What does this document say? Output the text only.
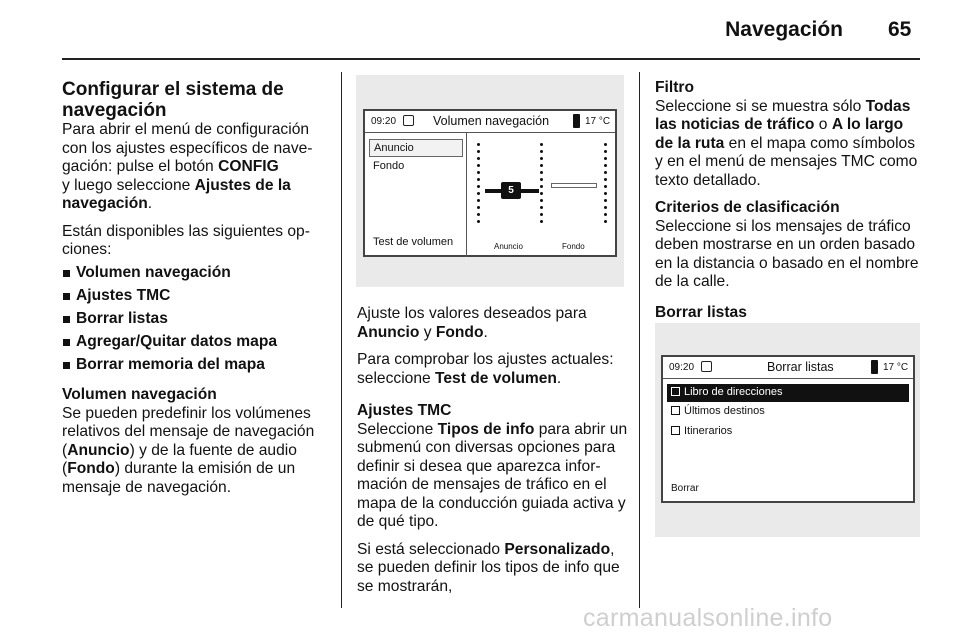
Navegación 65
Configurar el sistema de navegación

Para abrir el menú de configuración con los ajustes específicos de nave-gación: pulse el botón CONFIG
y luego seleccione Ajustes de la navegación.

Están disponibles las siguientes op-ciones:

Volumen navegación
Ajustes TMC
Borrar listas
Agregar/Quitar datos mapa
Borrar memoria del mapa
Volumen navegación

Se pueden predefinir los volúmenes relativos del mensaje de navegación (Anuncio) y de la fuente de audio (Fondo) durante la emisión de un mensaje de navegación.

09:20	Volumen navegación	17 °C
Anuncio
Fondo
Test de volumen
5
Anuncio	Fondo

Ajuste los valores deseados para
Anuncio y Fondo.

Para comprobar los ajustes actuales: seleccione Test de volumen.

Ajustes TMC

Seleccione Tipos de info para abrir un submenú con diversas opciones para definir si desea que aparezca infor-mación de mensajes de tráfico en el mapa de la conducción guiada activa y de qué tipo.

Si está seleccionado Personalizado, se pueden definir los tipos de info que se mostrarán,

Filtro

Seleccione si se muestra sólo Todas las noticias de tráfico o A lo largo de la ruta en el mapa como símbolos y en el menú de mensajes TMC como texto detallado.

Criterios de clasificación

Seleccione si los mensajes de tráfico deben mostrarse en un orden basado en la distancia o basado en el nombre de la calle.

Borrar listas
09:20	Borrar listas	17 °C
Libro de direcciones
Últimos destinos
Itinerarios
Borrar
carmanualsonline.info
